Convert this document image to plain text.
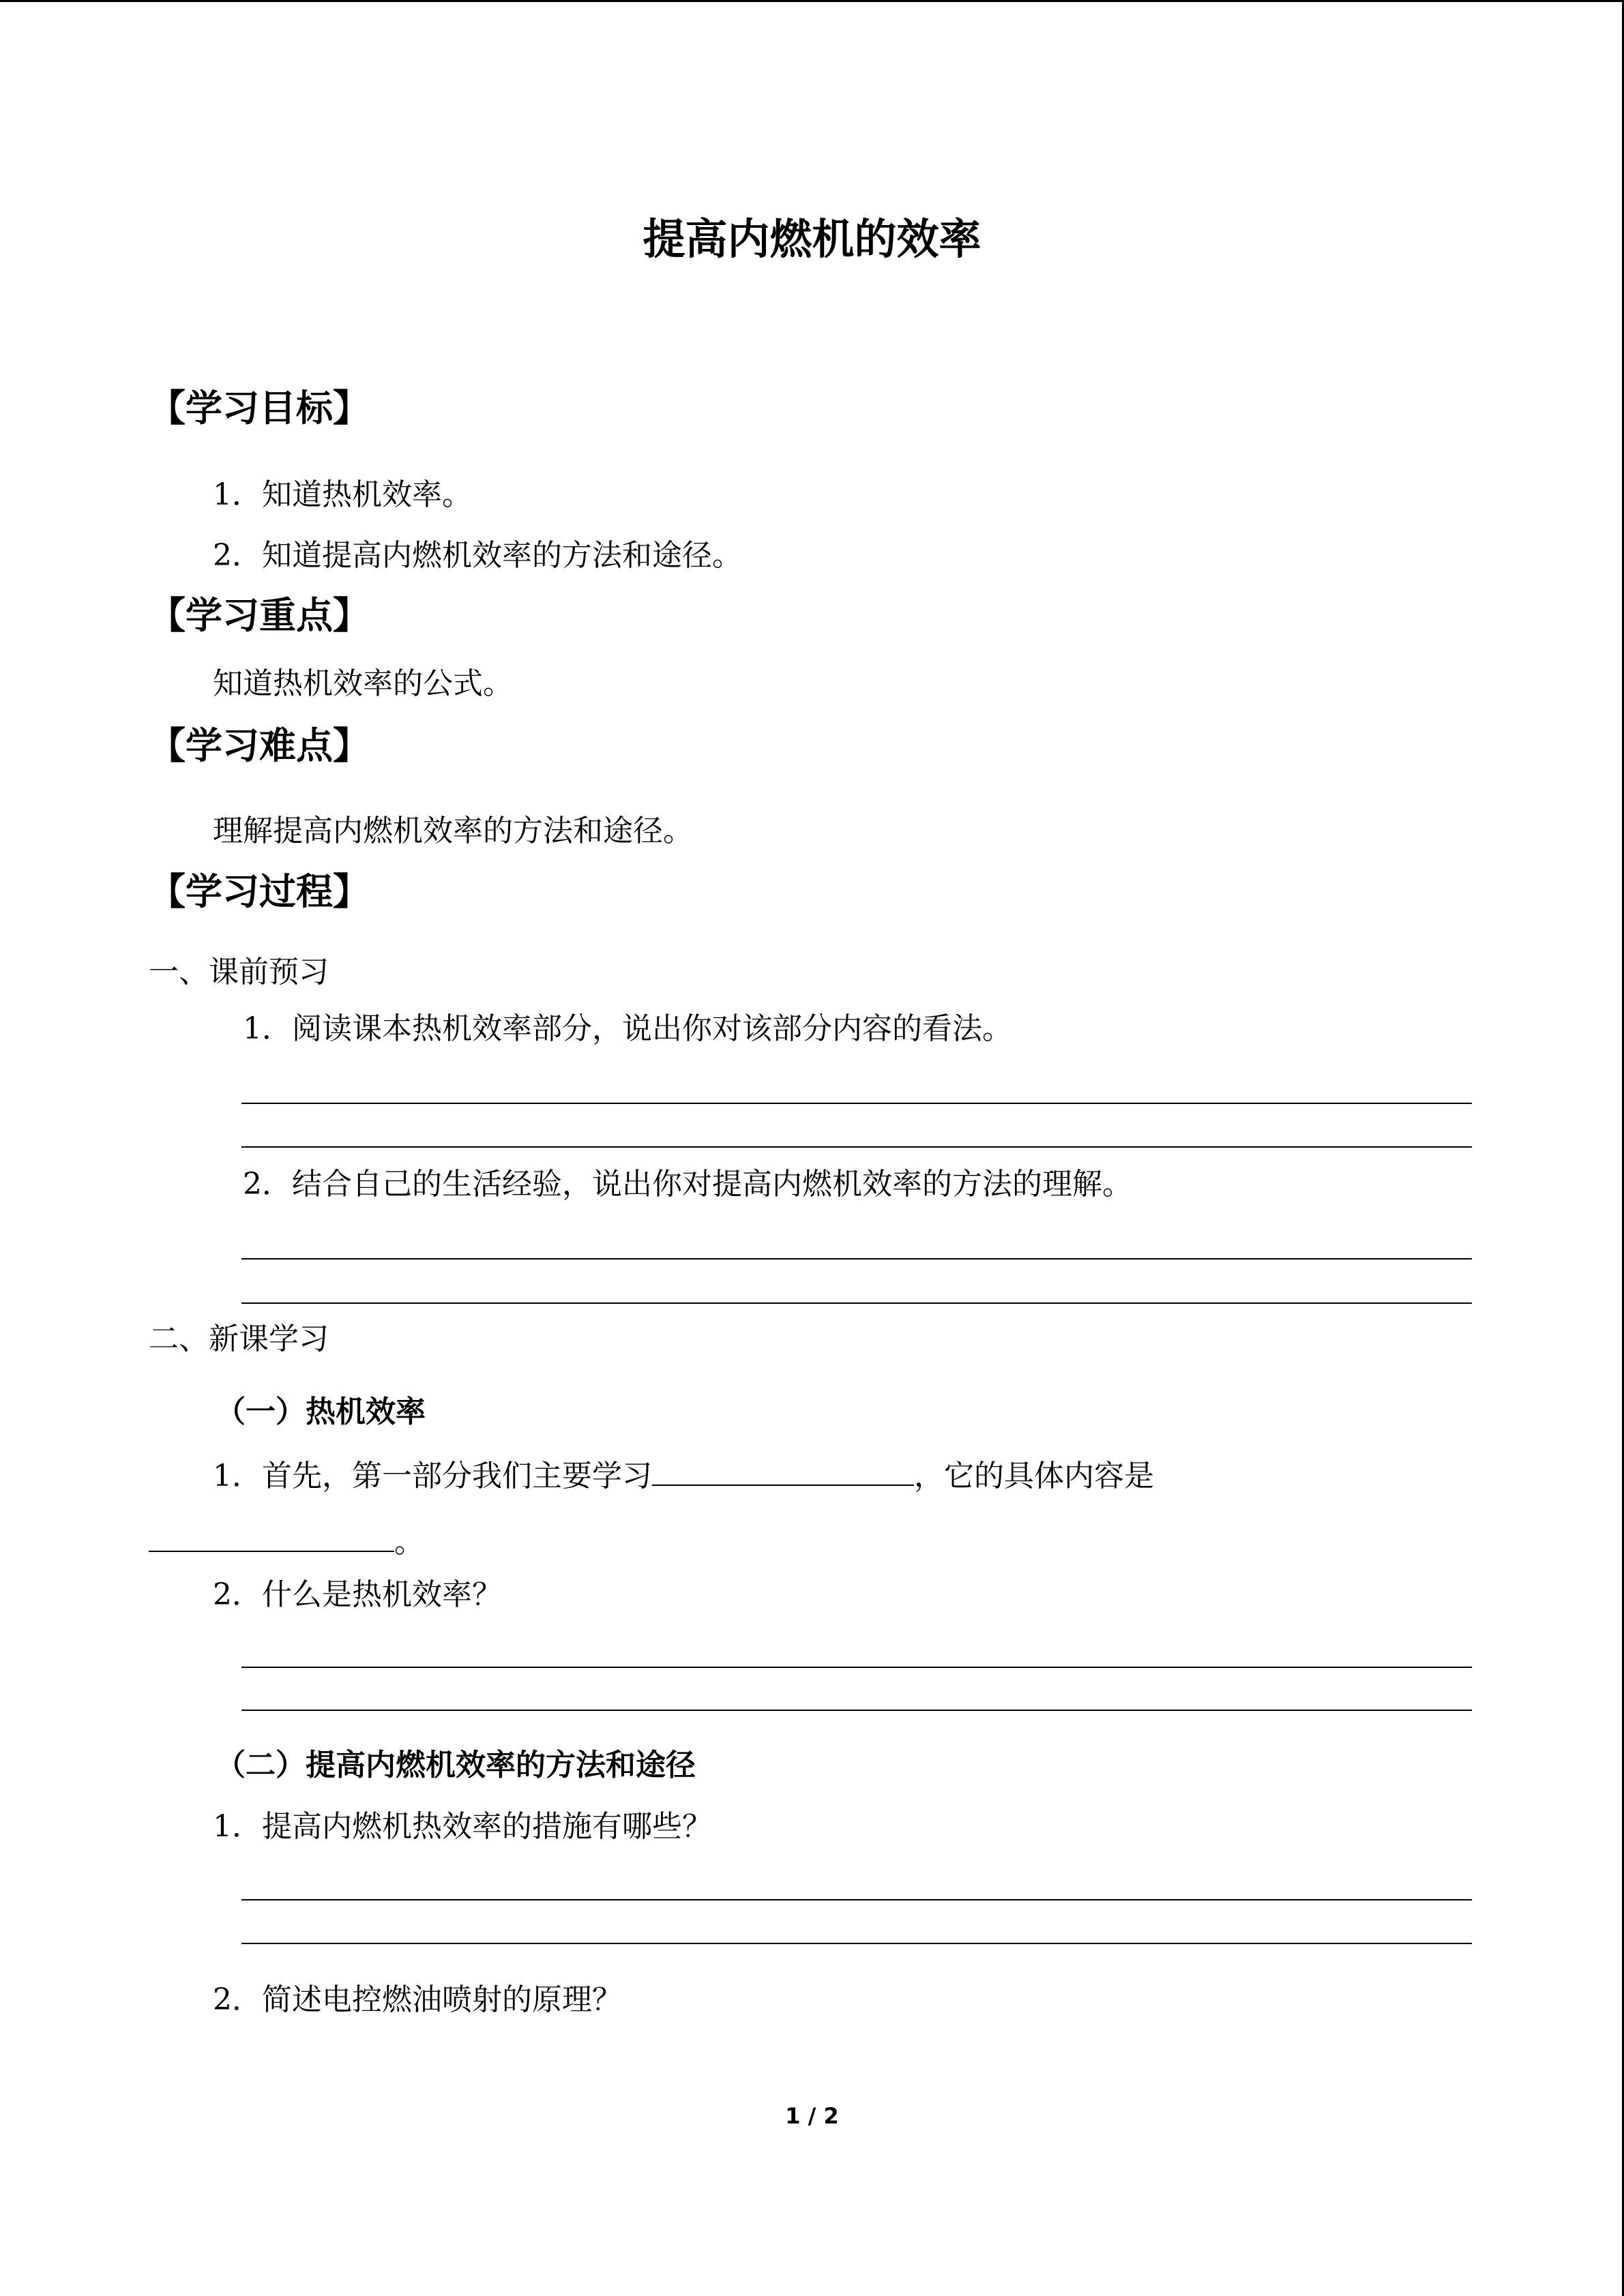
提高内燃机的效率
【学习目标】
1．知道热机效率。
2．知道提高内燃机效率的方法和途径。
【学习重点】
知道热机效率的公式。
【学习难点】
理解提高内燃机效率的方法和途径。
【学习过程】
一、课前预习
1．阅读课本热机效率部分，说出你对该部分内容的看法。
2．结合自己的生活经验，说出你对提高内燃机效率的方法的理解。
二、新课学习
（一）热机效率
1．首先，第一部分我们主要学习	，它的具体内容是
。
2．什么是热机效率？
（二）提高内燃机效率的方法和途径
1．提高内燃机热效率的措施有哪些？
2．简述电控燃油喷射的原理？
1 / 2
